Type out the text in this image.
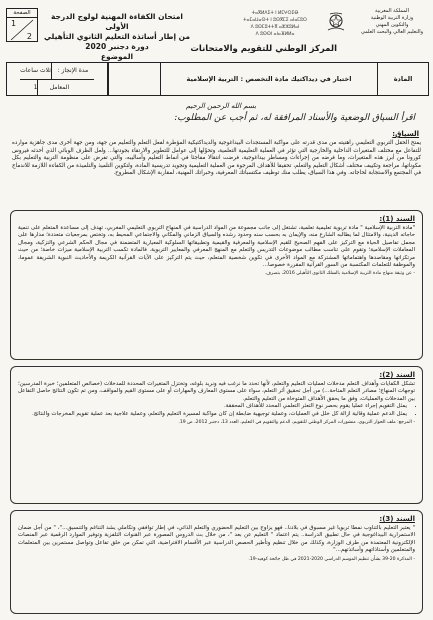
المملكة المغربية
وزارة التربية الوطنية
والتكوين المهني
والتعليم العالي والبحث العلمي
ⵜⴰⴳⵍⴷⵉⵜ ⵏ ⵍⵎⵖⵔⵉⴱ
ⵜⴰⵎⴰⵡⴰⵙⵜ ⵏ ⵓⵙⴳⵎⵉ ⴰⵏⴰⵎⵓⵔ
ⴷ ⵓⵙⵎⵓⵜⵜⴳ ⴰⵣⵣⵓⵍⴰⵏ
ⴷ ⵓⵙⵙⵏ ⴰⵏⴰⴼⵍⵍⴰ
المركز الوطني للتقويم والامتحانات
امتحان الكفاءة المهنية لولوج الدرجة الأولى
من إطار أساتذة التعليم الثانوي التأهيلي
دورة دجنبر 2020
الموضوع
الصفحة
1
2
المادة
اختبار في ديداكتيك مادة التخصص : التربية الإسلامية
مدة الإنجاز :
ثلاث ساعات
المعامل
1
بسم الله الرحمن الرحيم
اقرأ السياق الوضعية والأسناد المرافقة له، ثم أجب عن المطلوب:
السياق:
يمتح الحقل التربوي التعليمي راهنيته من مدى قدرته على مواكبة المستجدات البيداغوجية والديداكتيكية المؤطرة لفعل التعلم والتعليم من جهة، ومن جهة أخرى مدى جاهزية موارده للتفاعل مع مختلف المتغيرات الداخلية والخارجية التي تؤثر في العملية التعليمية التعلمية، وتحوّلها إلى عوامل للتطوير والارتقاء بجودتها... ولعل الظرف الوبائي الذي أحدثه فيروس كورونا من أبرز هذه المتغيرات، وما فرضه من إجراءات ومساطر بيداغوجية، فرضت انتقالا مفاجئا في أنماط التعليم وأساليبه، والتي تفرض على منظومة التربية والتعليم بكل مكوناتها، مراجعة وتكييف مختلف أشكال التعليم والتعلم، تحقيقا للأهداف المرجوة من العملية التعليمية وتجويد تدريسية المادة، ولتكوين التلميذ والتلميذة من الكفاءة اللازمة للاندماج في المجتمع والاستجابة لحاجاته. وفي هذا السياق، يطلب منك توظيف مكتسباتك المعرفية، وخبراتك المهنية، لمقاربة الإشكال المطروح.
السند (1):
"مادة التربية الإسلامية " مادة تربوية تعليمية تعلمية، تشتغل إلى جانب مجموعة من المواد الدراسية في المنهاج التربوي التعليمي المغربي، تهدف إلى مساعدة المتعلم على تنمية حاجاته الدينية، والامتثال لما يطالبه الشارع منه، والإيمان به بحسب سنه وحدود رشده والسياق الزماني والمكاني والاجتماعي المحيط به، وتختص بمرجعيات متعددة؛ مدارها على مجمل تفاصيل الحياة مع التركيز على الفهم الصحيح للقيم الإسلامية والمعرفية والقيمية وتطبيقاتها السلوكية المعيارية المتضمنة في مجال الحكم الشرعي والتزكية، ومجال المعاملات الإسلامية؛ وتقوم على تناسب مطالب موضوعات التدريس والتعلم مع المنهج المعرفي والمعايير التربوية. فالمادة تكسب التربية الإسلامية ميزات خاصة؛ من حيث مرتكزاتها ومقاصدها واهتماماتها المشتركة مع المواد الأخرى في تكوين شخصية المتعلم، حيث يتم التركيز على الآيات القرآنية الكريمة والأحاديث النبوية الشريفة عموما، والموظفة للتعلمات المكتسبة من السور القرآنية المقررة خصوصا...
- عن وثيقة منهاج مادة التربية الإسلامية بالسلك الثانوي التأهيلي 2016، بتصرف.
السند (2):
تشكل الكفايات وأهداف التعلم مدخلات لعمليات التعليم والتعلم، لأنها تحدد ما نرغب فيه ونريد بلوغه، وتختزل المتغيرات المحددة للمدخلات (خصائص المتعلمين؛ خبرة المدرسين؛ توجهات المنهاج؛ مصادر التعلم المتاحة...) من أجل تحقيق أثر التعلم، سواء على مستوى المعارف والمهارات أو على مستوى القيم والمواقف، ومن تم تكون النتائج حاصل التفاعل بين المدخلات والعمليات، وفق ما يحقق الأهداف المتوخاة من التعليم والتعلم.
• يمثل التقويم إجراء عمليا يقوم بحصر نوع التعثر التعلمي المحدد للأهداف المحققة.
• يمثل الدعم عملية وقائية ازالة كل خلل في العمليات، وعملية توجيهية ضابطة إن كان مواكبة لمسيرة التعليم والتعلم، وعملية علاجية بعد عملية تقويم المخرجات والنتائج.
- المرجع: ملف الحوار التربوي، منشورات المركز الوطني للتقويم، الدعم والتقويم في التعليم، العدد 13، دجنبر 2012، ص 19.
السند (3):
" يعتبر التعليم بالتناوب نمطا تربويا غير مسبوق في بلادنا.. فهو يزاوج بين التعليم الحضوري والتعلم الذاتي، في إطار توافقي وتكاملي يشد التناغم والتنسيق..."، " من أجل ضمان الاستمرارية البيداغوجية في حال تطبيق الدراسة.. يتم اعتماد " التعليم عن بعد "، من خلال بث الدروس المصورة عبر القنوات التلفزية وتوفير الموارد الرقمية عبر المنصات الإلكترونية المعتمدة من طرف الوزارة، وكذلك من خلال تنظيم وتأطير الحصص الدراسية عبر الأقسام الافتراضية، التي تمكن من خلق تفاعل وتواصل مستمرين بين المتعلمات والمتعلمين وأستاذاتهم وأساتذتهم..."
- المذكرة 20-39 بشأن تنظيم الموسم الدراسي 2020-2021 في ظل جائحة كوفيد-19.
